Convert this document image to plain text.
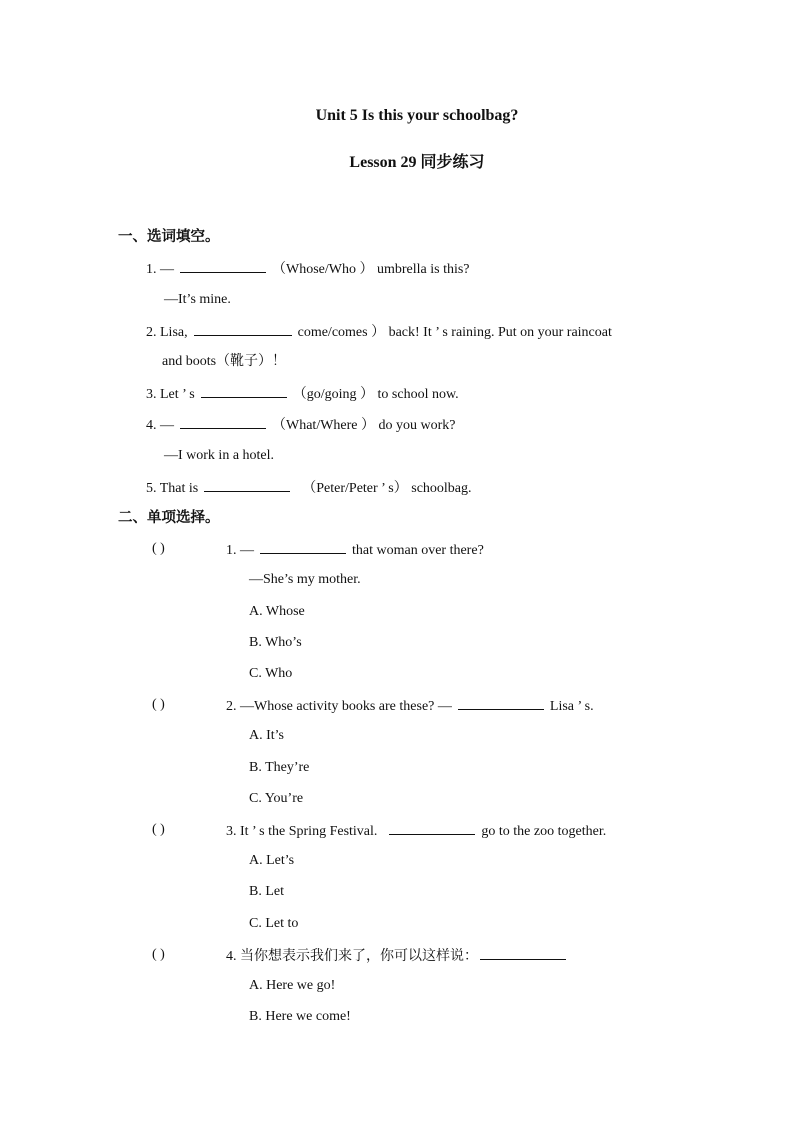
Unit 5 Is this your schoolbag?
Lesson 29 同步练习
一、选词填空。
1. —	（Whose/Who ） umbrella is this?
—It’s mine.
2. Lisa,	come/comes ） back! It ’ s raining. Put on your raincoat
and boots（靴子）！
3. Let ’ s	（go/going ） to school now.
4. —	（What/Where ） do you work?
—I work in a hotel.
5. That is	（Peter/Peter ’ s） schoolbag.
二、单项选择。
( )	1. —	that woman over there?
—She’s my mother.
A. Whose
B. Who’s
C. Who
( )	2. —Whose activity books are these? —	Lisa ’ s.
A. It’s
B. They’re
C. You’re
( )	3. It ’ s the Spring Festival.	go to the zoo together.
A. Let’s
B. Let
C. Let to
( )	4. 当你想表示我们来了，你可以这样说：
A. Here we go!
B. Here we come!
